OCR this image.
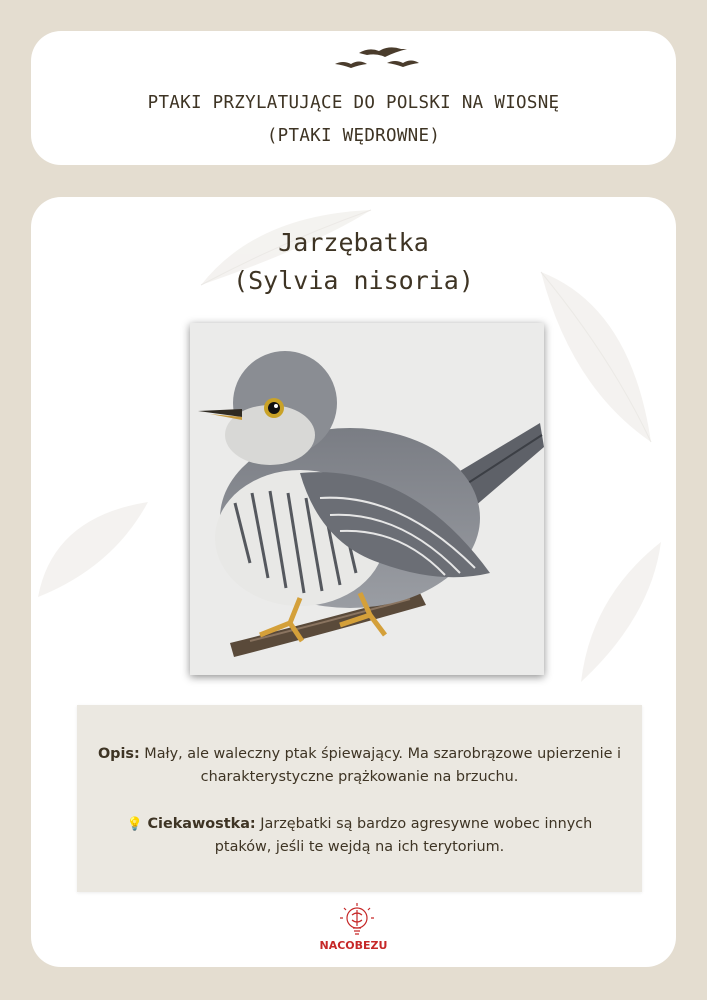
PTAKI PRZYLATUJĄCE DO POLSKI NA WIOSNĘ
(PTAKI WĘDROWNE)
Jarzębatka
(Sylvia nisoria)

Opis: Mały, ale waleczny ptak śpiewający. Ma szarobrązowe upierzenie i charakterystyczne prążkowanie na brzuchu.

💡 Ciekawostka: Jarzębatki są bardzo agresywne wobec innych ptaków, jeśli te wejdą na ich terytorium.

NACOBEZU
